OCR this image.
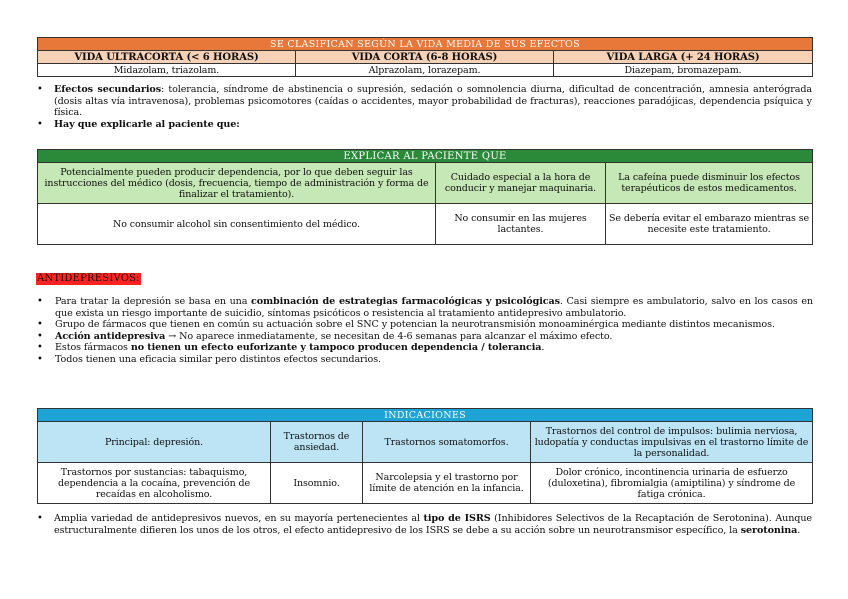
SE CLASIFICAN SEGÚN LA VIDA MEDIA DE SUS EFECTOS		
VIDA ULTRACORTA (< 6 HORAS)	VIDA CORTA (6-8 HORAS)	VIDA LARGA (+ 24 HORAS)
Midazolam, triazolam.	Alprazolam, lorazepam.	Diazepam, bromazepam.
• Efectos secundarios: tolerancia, síndrome de abstinencia o supresión, sedación o somnolencia diurna, dificultad de concentración, amnesia anterógrada (dosis altas vía intravenosa), problemas psicomotores (caídas o accidentes, mayor probabilidad de fracturas), reacciones paradójicas, dependencia psíquica y física.
• Hay que explicarle al paciente que:
EXPLICAR AL PACIENTE QUE		
Potencialmente pueden producir dependencia, por lo que deben seguir las instrucciones del médico (dosis, frecuencia, tiempo de administración y forma de finalizar el tratamiento).	Cuidado especial a la hora de conducir y manejar maquinaria.	La cafeína puede disminuir los efectos terapéuticos de estos medicamentos.
No consumir alcohol sin consentimiento del médico.	No consumir en las mujeres lactantes.	Se debería evitar el embarazo mientras se necesite este tratamiento.
ANTIDEPRESIVOS:
• Para tratar la depresión se basa en una combinación de estrategias farmacológicas y psicológicas. Casi siempre es ambulatorio, salvo en los casos en que exista un riesgo importante de suicidio, síntomas psicóticos o resistencia al tratamiento antidepresivo ambulatorio.
• Grupo de fármacos que tienen en común su actuación sobre el SNC y potencian la neurotransmisión monoaminérgica mediante distintos mecanismos.
• Acción antidepresiva → No aparece inmediatamente, se necesitan de 4-6 semanas para alcanzar el máximo efecto.
• Estos fármacos no tienen un efecto euforizante y tampoco producen dependencia / tolerancia.
• Todos tienen una eficacia similar pero distintos efectos secundarios.
INDICACIONES			
Principal: depresión.	Trastornos de ansiedad.	Trastornos somatomorfos.	Trastornos del control de impulsos: bulimia nerviosa, ludopatía y conductas impulsivas en el trastorno límite de la personalidad.
Trastornos por sustancias: tabaquismo, dependencia a la cocaína, prevención de recaídas en alcoholismo.	Insomnio.	Narcolepsia y el trastorno por límite de atención en la infancia.	Dolor crónico, incontinencia urinaria de esfuerzo (duloxetina), fibromialgia (amiptilina) y síndrome de fatiga crónica.
• Amplia variedad de antidepresivos nuevos, en su mayoría pertenecientes al tipo de ISRS (Inhibidores Selectivos de la Recaptación de Serotonina). Aunque estructuralmente difieren los unos de los otros, el efecto antidepresivo de los ISRS se debe a su acción sobre un neurotransmisor específico, la serotonina.
